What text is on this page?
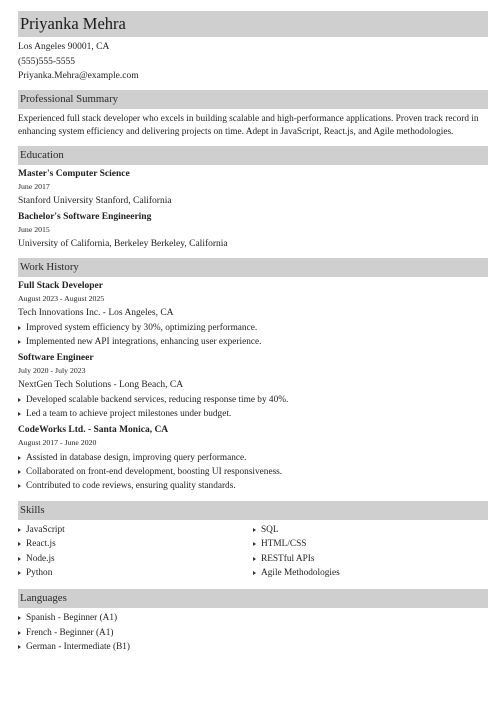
Priyanka Mehra
Los Angeles 90001, CA
(555)555-5555
Priyanka.Mehra@example.com
Professional Summary
Experienced full stack developer who excels in building scalable and high-performance applications. Proven track record in enhancing system efficiency and delivering projects on time. Adept in JavaScript, React.js, and Agile methodologies.
Education
Master's Computer Science
June 2017
Stanford University Stanford, California
Bachelor's Software Engineering
June 2015
University of California, Berkeley Berkeley, California
Work History
Full Stack Developer
August 2023 - August 2025
Tech Innovations Inc. - Los Angeles, CA
Improved system efficiency by 30%, optimizing performance.
Implemented new API integrations, enhancing user experience.
Software Engineer
July 2020 - July 2023
NextGen Tech Solutions - Long Beach, CA
Developed scalable backend services, reducing response time by 40%.
Led a team to achieve project milestones under budget.
CodeWorks Ltd. - Santa Monica, CA
August 2017 - June 2020
Assisted in database design, improving query performance.
Collaborated on front-end development, boosting UI responsiveness.
Contributed to code reviews, ensuring quality standards.
Skills
JavaScript
React.js
Node.js
Python
SQL
HTML/CSS
RESTful APIs
Agile Methodologies
Languages
Spanish - Beginner (A1)
French - Beginner (A1)
German - Intermediate (B1)
